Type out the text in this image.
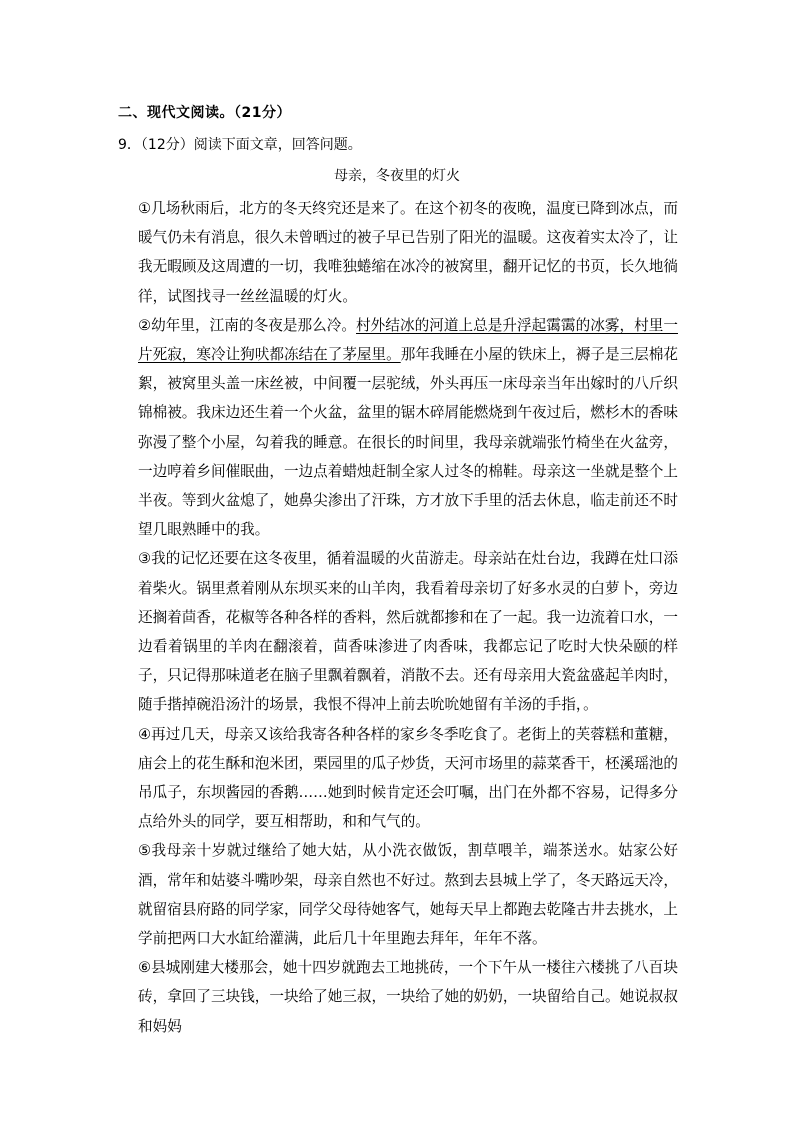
二、现代文阅读。（21分）
9．（12分）阅读下面文章，回答问题。
母亲，冬夜里的灯火

①几场秋雨后，北方的冬天终究还是来了。在这个初冬的夜晚，温度已降到冰点，而暖气仍未有消息，很久未曾晒过的被子早已告别了阳光的温暖。这夜着实太冷了，让我无暇顾及这周遭的一切，我唯独蜷缩在冰冷的被窝里，翻开记忆的书页，长久地徜徉，试图找寻一丝丝温暖的灯火。

②幼年里，江南的冬夜是那么冷。村外结冰的河道上总是升浮起霭霭的冰雾，村里一片死寂，寒冷让狗吠都冻结在了茅屋里。那年我睡在小屋的铁床上，褥子是三层棉花絮，被窝里头盖一床丝被，中间覆一层驼绒，外头再压一床母亲当年出嫁时的八斤织锦棉被。我床边还生着一个火盆，盆里的锯木碎屑能燃烧到午夜过后，燃杉木的香味弥漫了整个小屋，勾着我的睡意。在很长的时间里，我母亲就端张竹椅坐在火盆旁，一边哼着乡间催眠曲，一边点着蜡烛赶制全家人过冬的棉鞋。母亲这一坐就是整个上半夜。等到火盆熄了，她鼻尖渗出了汗珠，方才放下手里的活去休息，临走前还不时望几眼熟睡中的我。

③我的记忆还要在这冬夜里，循着温暖的火苗游走。母亲站在灶台边，我蹲在灶口添着柴火。锅里煮着刚从东坝买来的山羊肉，我看着母亲切了好多水灵的白萝卜，旁边还搁着茴香，花椒等各种各样的香料，然后就都掺和在了一起。我一边流着口水，一边看着锅里的羊肉在翻滚着，茴香味渗进了肉香味，我都忘记了吃时大快朵颐的样子，只记得那味道老在脑子里飘着飘着，消散不去。还有母亲用大瓷盆盛起羊肉时，随手揩掉碗沿汤汁的场景，我恨不得冲上前去吮吮她留有羊汤的手指，。

④再过几天，母亲又该给我寄各种各样的家乡冬季吃食了。老街上的芙蓉糕和董糖，庙会上的花生酥和泡米团，栗园里的瓜子炒货，天河市场里的蒜菜香干，柸溪瑶池的吊瓜子，东坝酱园的香鹅……她到时候肯定还会叮嘱，出门在外都不容易，记得多分点给外头的同学，要互相帮助，和和气气的。

⑤我母亲十岁就过继给了她大姑，从小洗衣做饭，割草喂羊，端茶送水。姑家公好酒，常年和姑婆斗嘴吵架，母亲自然也不好过。熬到去县城上学了，冬天路远天冷，就留宿县府路的同学家，同学父母待她客气，她每天早上都跑去乾隆古井去挑水，上学前把两口大水缸给灌满，此后几十年里跑去拜年，年年不落。

⑥县城刚建大楼那会，她十四岁就跑去工地挑砖，一个下午从一楼往六楼挑了八百块砖，拿回了三块钱，一块给了她三叔，一块给了她的奶奶，一块留给自己。她说叔叔和妈妈
